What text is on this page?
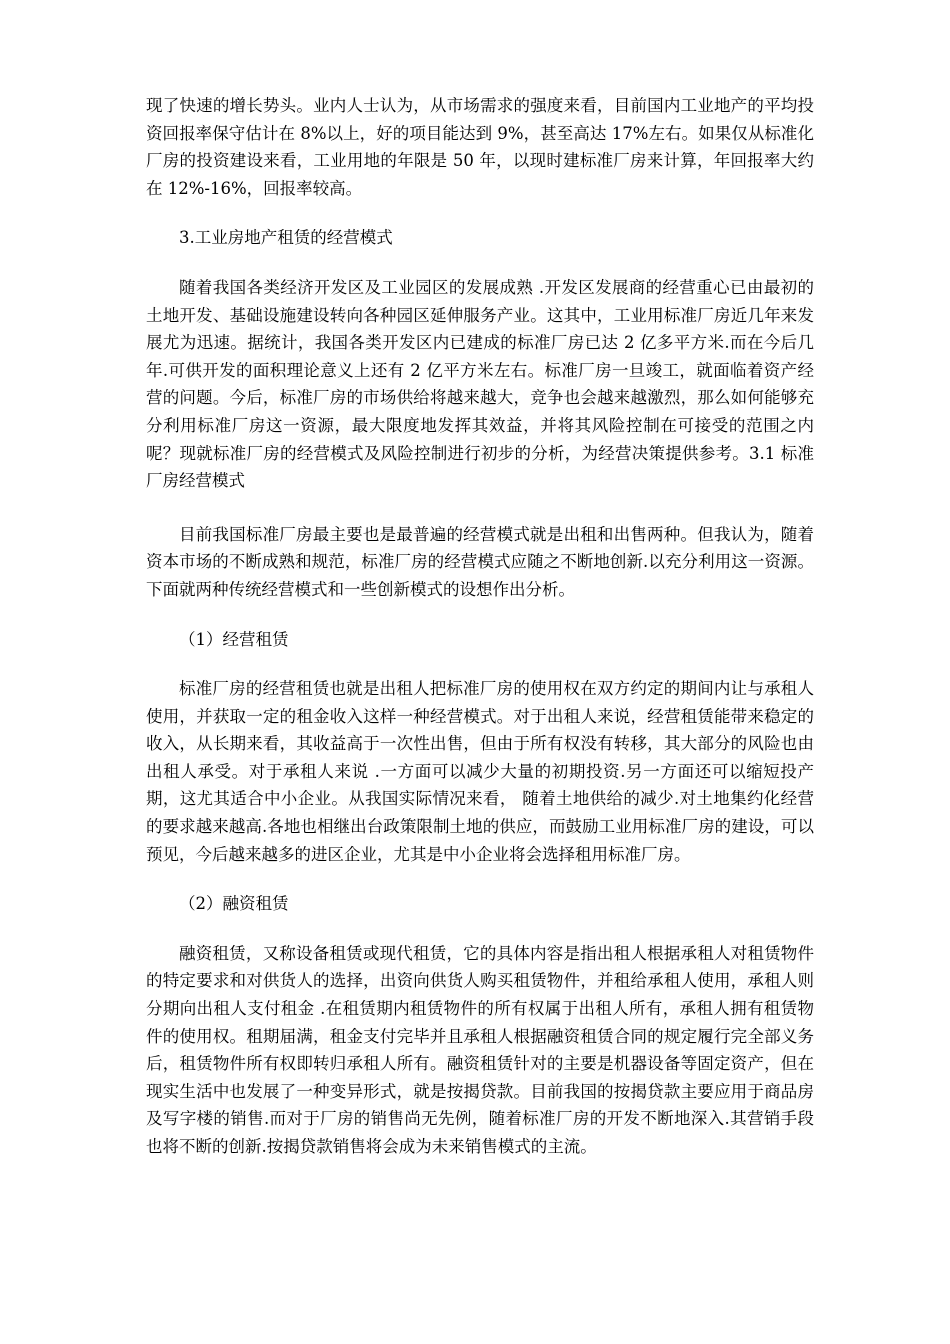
现了快速的增长势头。业内人士认为，从市场需求的强度来看，目前国内工业地产的平均投资回报率保守估计在 8%以上，好的项目能达到 9%，甚至高达 17%左右。如果仅从标准化厂房的投资建设来看，工业用地的年限是 50 年，以现时建标准厂房来计算，年回报率大约在 12%-16%，回报率较高。

3.工业房地产租赁的经营模式

随着我国各类经济开发区及工业园区的发展成熟 .开发区发展商的经营重心已由最初的土地开发、基础设施建设转向各种园区延伸服务产业。这其中，工业用标准厂房近几年来发展尤为迅速。据统计，我国各类开发区内已建成的标准厂房已达 2 亿多平方米.而在今后几年.可供开发的面积理论意义上还有 2 亿平方米左右。标准厂房一旦竣工，就面临着资产经营的问题。今后，标准厂房的市场供给将越来越大，竞争也会越来越激烈，那么如何能够充分利用标准厂房这一资源，最大限度地发挥其效益，并将其风险控制在可接受的范围之内呢？现就标准厂房的经营模式及风险控制进行初步的分析，为经营决策提供参考。3.1 标准厂房经营模式

目前我国标准厂房最主要也是最普遍的经营模式就是出租和出售两种。但我认为，随着资本市场的不断成熟和规范，标准厂房的经营模式应随之不断地创新.以充分利用这一资源。下面就两种传统经营模式和一些创新模式的设想作出分析。

（1）经营租赁

标准厂房的经营租赁也就是出租人把标准厂房的使用权在双方约定的期间内让与承租人使用，并获取一定的租金收入这样一种经营模式。对于出租人来说，经营租赁能带来稳定的收入，从长期来看，其收益高于一次性出售，但由于所有权没有转移，其大部分的风险也由出租人承受。对于承租人来说 .一方面可以减少大量的初期投资.另一方面还可以缩短投产期，这尤其适合中小企业。从我国实际情况来看， 随着土地供给的减少.对土地集约化经营的要求越来越高.各地也相继出台政策限制土地的供应，而鼓励工业用标准厂房的建设，可以预见，今后越来越多的进区企业，尤其是中小企业将会选择租用标准厂房。

（2）融资租赁

融资租赁，又称设备租赁或现代租赁，它的具体内容是指出租人根据承租人对租赁物件的特定要求和对供货人的选择，出资向供货人购买租赁物件，并租给承租人使用，承租人则分期向出租人支付租金 .在租赁期内租赁物件的所有权属于出租人所有，承租人拥有租赁物件的使用权。租期届满，租金支付完毕并且承租人根据融资租赁合同的规定履行完全部义务后，租赁物件所有权即转归承租人所有。融资租赁针对的主要是机器设备等固定资产，但在现实生活中也发展了一种变异形式，就是按揭贷款。目前我国的按揭贷款主要应用于商品房及写字楼的销售.而对于厂房的销售尚无先例，随着标准厂房的开发不断地深入.其营销手段也将不断的创新.按揭贷款销售将会成为未来销售模式的主流。
